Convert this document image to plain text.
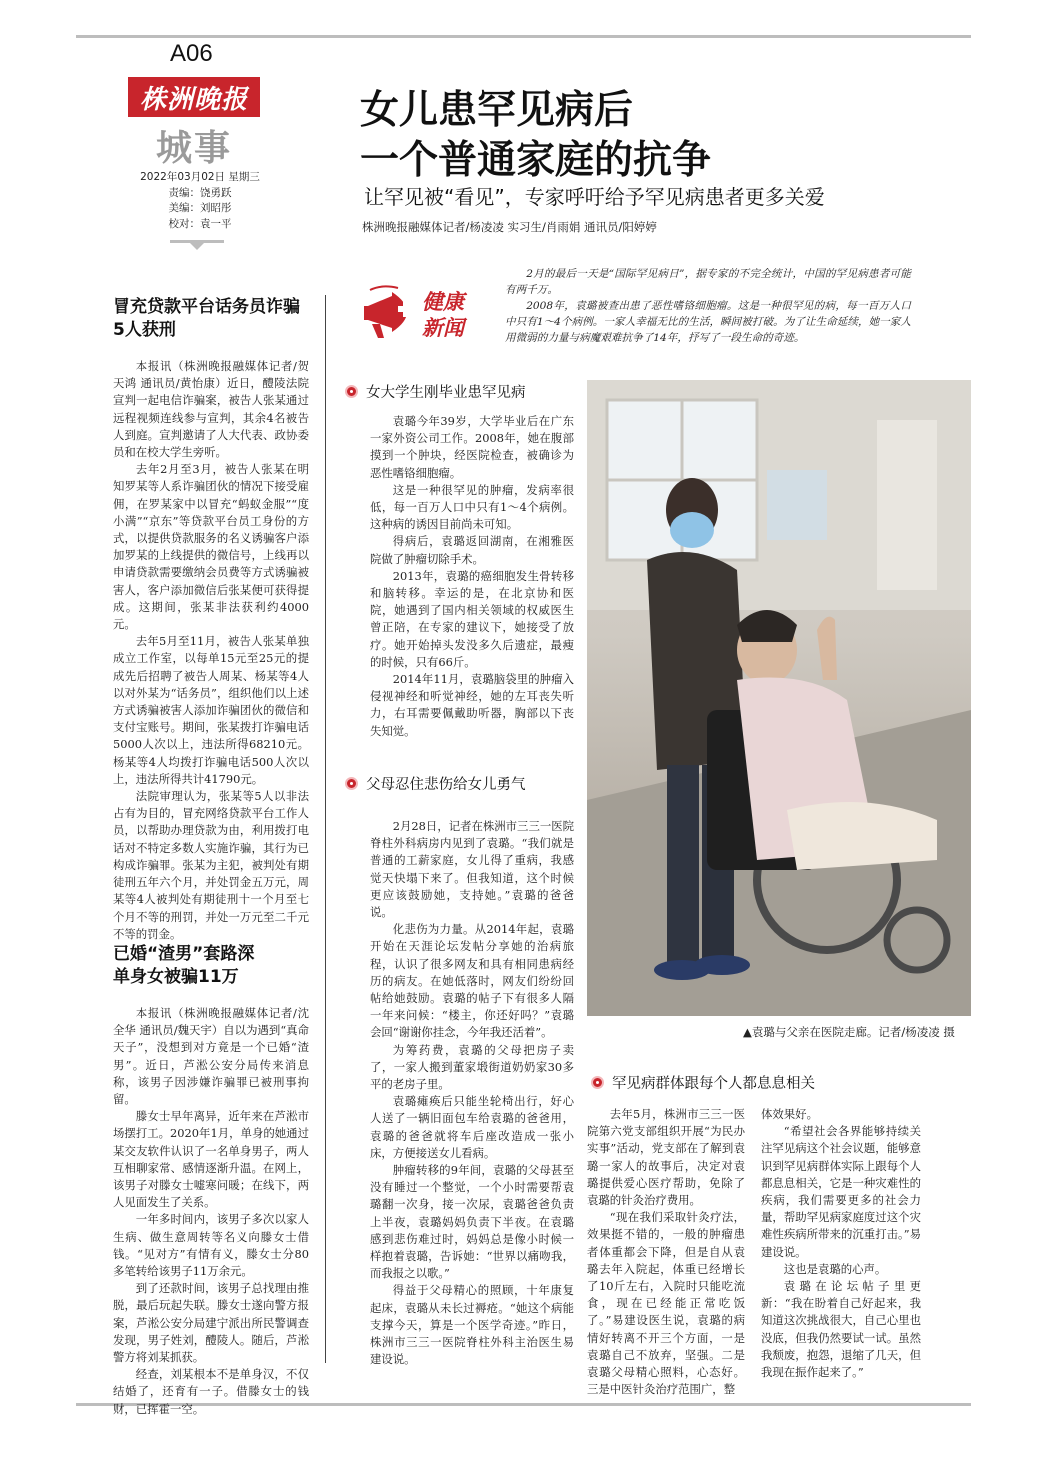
A06
株洲晚报
城事
2022年03月02日 星期三
责编：饶勇跃
美编：刘昭彤
校对：袁一平
女儿患罕见病后
一个普通家庭的抗争
让罕见被“看见”，专家呼吁给予罕见病患者更多关爱
株洲晚报融媒体记者/杨凌凌 实习生/肖雨娟 通讯员/阳婷婷
健康
新闻

2月的最后一天是“国际罕见病日”，据专家的不完全统计，中国的罕见病患者可能有两千万。

2008年，袁璐被查出患了恶性嗜铬细胞瘤。这是一种很罕见的病，每一百万人口中只有1～4个病例。一家人幸福无比的生活，瞬间被打破。为了让生命延续，她一家人用微弱的力量与病魔艰难抗争了14年，抒写了一段生命的奇迹。

冒充贷款平台话务员诈骗

5人获刑

本报讯（株洲晚报融媒体记者/贺天鸿 通讯员/黄怡康）近日，醴陵法院宣判一起电信诈骗案，被告人张某通过远程视频连线参与宣判，其余4名被告人到庭。宣判邀请了人大代表、政协委员和在校大学生旁听。

去年2月至3月，被告人张某在明知罗某等人系诈骗团伙的情况下接受雇佣，在罗某家中以冒充“蚂蚁金服”“度小满”“京东”等贷款平台员工身份的方式，以提供贷款服务的名义诱骗客户添加罗某的上线提供的微信号，上线再以申请贷款需要缴纳会员费等方式诱骗被害人，客户添加微信后张某便可获得提成。这期间，张某非法获利约4000元。

去年5月至11月，被告人张某单独成立工作室，以每单15元至25元的提成先后招聘了被告人周某、杨某等4人以对外某为“话务员”，组织他们以上述方式诱骗被害人添加诈骗团伙的微信和支付宝账号。期间，张某拨打诈骗电话5000人次以上，违法所得68210元。杨某等4人均拨打诈骗电话500人次以上，违法所得共计41790元。

法院审理认为，张某等5人以非法占有为目的，冒充网络贷款平台工作人员，以帮助办理贷款为由，利用拨打电话对不特定多数人实施诈骗，其行为已构成诈骗罪。张某为主犯，被判处有期徒刑五年六个月，并处罚金五万元，周某等4人被判处有期徒刑十一个月至七个月不等的刑罚，并处一万元至二千元不等的罚金。

已婚“渣男”套路深

单身女被骗11万

本报讯（株洲晚报融媒体记者/沈全华 通讯员/魏天宇）自以为遇到“真命天子”，没想到对方竟是一个已婚“渣男”。近日，芦淞公安分局传来消息称，该男子因涉嫌诈骗罪已被刑事拘留。

滕女士早年离异，近年来在芦淞市场摆打工。2020年1月，单身的她通过某交友软件认识了一名单身男子，两人互相聊家常、感情逐渐升温。在网上，该男子对滕女士嘘寒问暖；在线下，两人见面发生了关系。

一年多时间内，该男子多次以家人生病、做生意周转等名义向滕女士借钱。“见对方”有情有义，滕女士分80多笔转给该男子11万余元。

到了还款时间，该男子总找理由推脱，最后玩起失联。滕女士遂向警方报案，芦淞公安分局建宁派出所民警调查发现，男子姓刘，醴陵人。随后，芦淞警方将刘某抓获。

经查，刘某根本不是单身汉，不仅结婚了，还育有一子。借滕女士的钱财，已挥霍一空。

女大学生刚毕业患罕见病

袁璐今年39岁，大学毕业后在广东一家外资公司工作。2008年，她在腹部摸到一个肿块，经医院检查，被确诊为恶性嗜铬细胞瘤。

这是一种很罕见的肿瘤，发病率很低，每一百万人口中只有1～4个病例。这种病的诱因目前尚未可知。

得病后，袁璐返回湖南，在湘雅医院做了肿瘤切除手术。

2013年，袁璐的癌细胞发生骨转移和脑转移。幸运的是，在北京协和医院，她遇到了国内相关领域的权威医生曾正陪，在专家的建议下，她接受了放疗。她开始掉头发没多久后遗症，最瘦的时候，只有66斤。

2014年11月，袁璐脑袋里的肿瘤入侵视神经和听觉神经，她的左耳丧失听力，右耳需要佩戴助听器，胸部以下丧失知觉。

父母忍住悲伤给女儿勇气

2月28日，记者在株洲市三三一医院脊柱外科病房内见到了袁璐。“我们就是普通的工薪家庭，女儿得了重病，我感觉天快塌下来了。但我知道，这个时候更应该鼓励她，支持她。”袁璐的爸爸说。

化悲伤为力量。从2014年起，袁璐开始在天涯论坛发帖分享她的治病旅程，认识了很多网友和具有相同患病经历的病友。在她低落时，网友们纷纷回帖给她鼓励。袁璐的帖子下有很多人隔一年来问候：“楼主，你还好吗？”袁璐会回“谢谢你挂念，今年我还活着”。

为筹药费，袁璐的父母把房子卖了，一家人搬到董家塅街道奶奶家30多平的老房子里。

袁璐瘫痪后只能坐轮椅出行，好心人送了一辆旧面包车给袁璐的爸爸用，袁璐的爸爸就将车后座改造成一张小床，方便接送女儿看病。

肿瘤转移的9年间，袁璐的父母甚至没有睡过一个整觉，一个小时需要帮袁璐翻一次身，接一次尿，袁璐爸爸负责上半夜，袁璐妈妈负责下半夜。在袁璐感到悲伤难过时，妈妈总是像小时候一样抱着袁璐，告诉她：“世界以痛吻我，而我报之以歌。”

得益于父母精心的照顾，十年康复起床，袁璐从未长过褥疮。“她这个病能支撑今天，算是一个医学奇迹。”昨日，株洲市三三一医院脊柱外科主治医生易建设说。

▲袁璐与父亲在医院走廊。记者/杨凌凌 摄
罕见病群体跟每个人都息息相关

去年5月，株洲市三三一医院第六党支部组织开展“为民办实事”活动，党支部在了解到袁璐一家人的故事后，决定对袁璐提供爱心医疗帮助，免除了袁璐的针灸治疗费用。

“现在我们采取针灸疗法，效果挺不错的，一般的肿瘤患者体重都会下降，但是自从袁璐去年入院起，体重已经增长了10斤左右，入院时只能吃流食，现在已经能正常吃饭了。”易建设医生说，袁璐的病情好转离不开三个方面，一是袁璐自己不放弃，坚强。二是袁璐父母精心照料，心态好。三是中医针灸治疗范围广，整

体效果好。

“希望社会各界能够持续关注罕见病这个社会议题，能够意识到罕见病群体实际上跟每个人都息息相关，它是一种灾难性的疾病，我们需要更多的社会力量，帮助罕见病家庭度过这个灾难性疾病所带来的沉重打击。”易建设说。

这也是袁璐的心声。

袁璐在论坛帖子里更新：“我在盼着自己好起来，我知道这次挑战很大，自己心里也没底，但我仍然要试一试。虽然我颓废，抱怨，退缩了几天，但我现在振作起来了。”
